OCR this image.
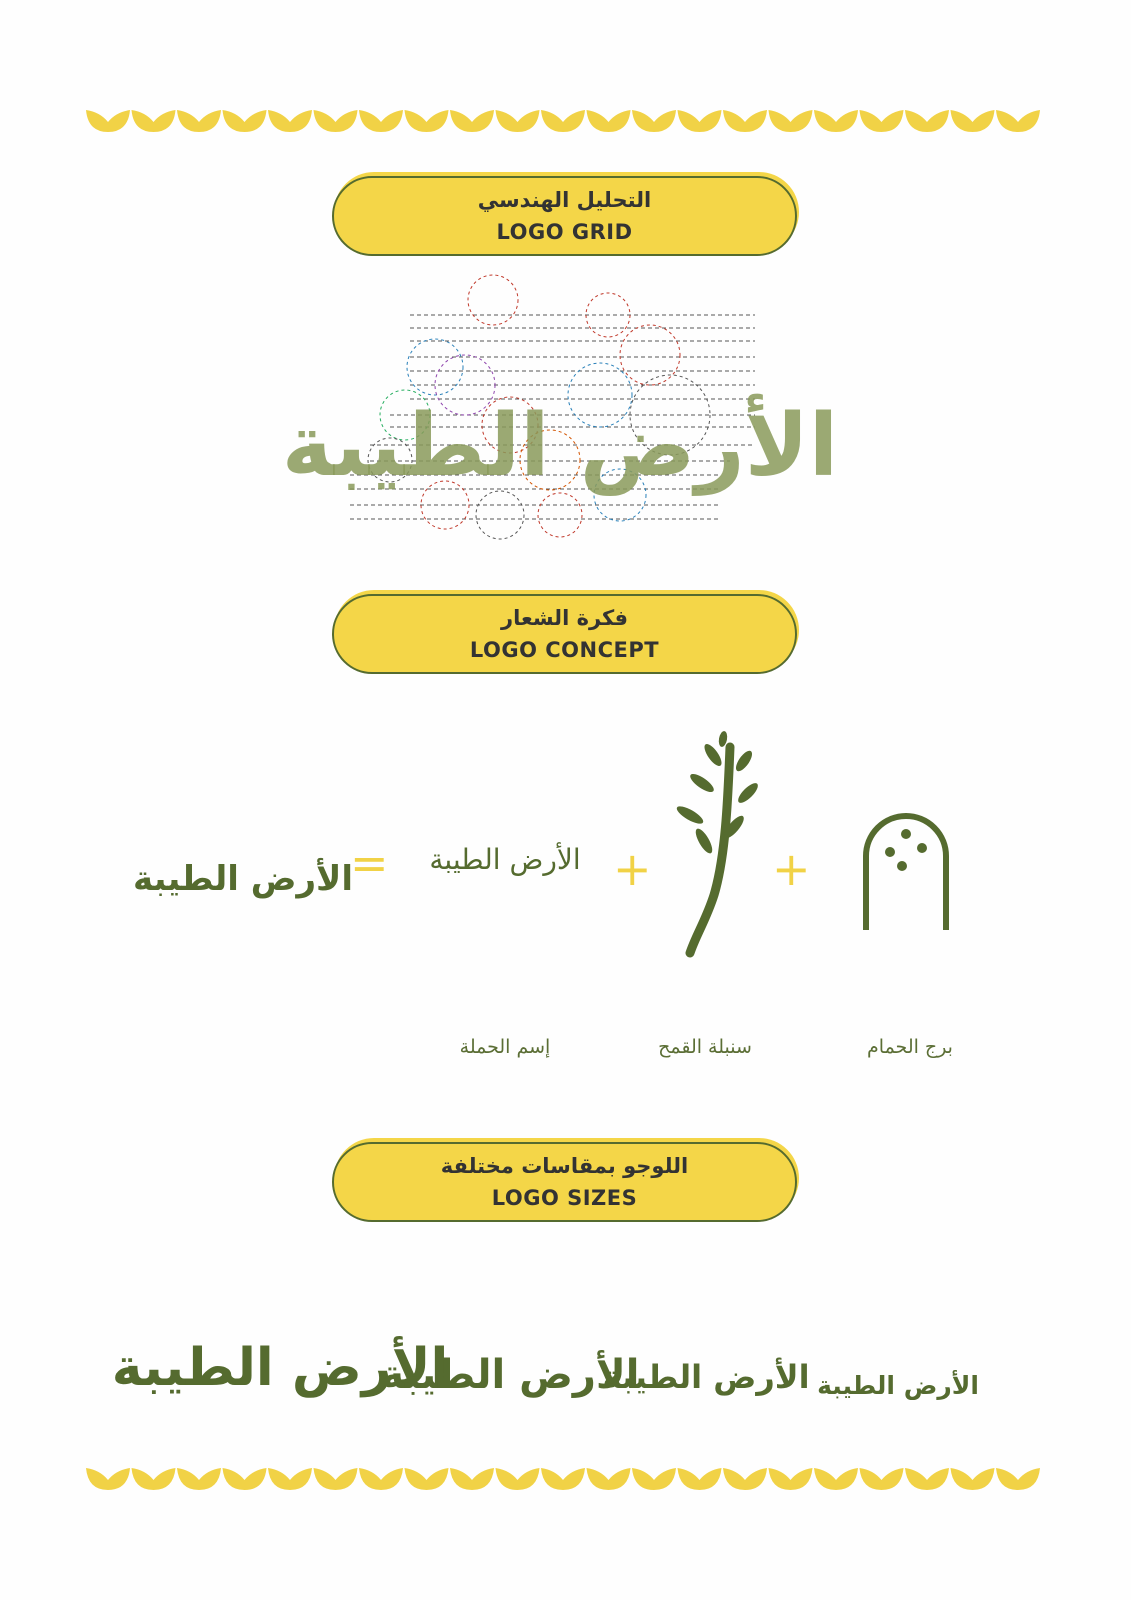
التحليل الهندسي
LOGO GRID
الأرض الطيبة
فكرة الشعار
LOGO CONCEPT
الأرض الطيبة
=	الأرض الطيبة +	+
إسم الحملة	سنبلة القمح	برج الحمام
اللوجو بمقاسات مختلفة
LOGO SIZES
الأرض الطيبة
الأرض الطيبة
الأرض الطيبة الأرض الطيبة
